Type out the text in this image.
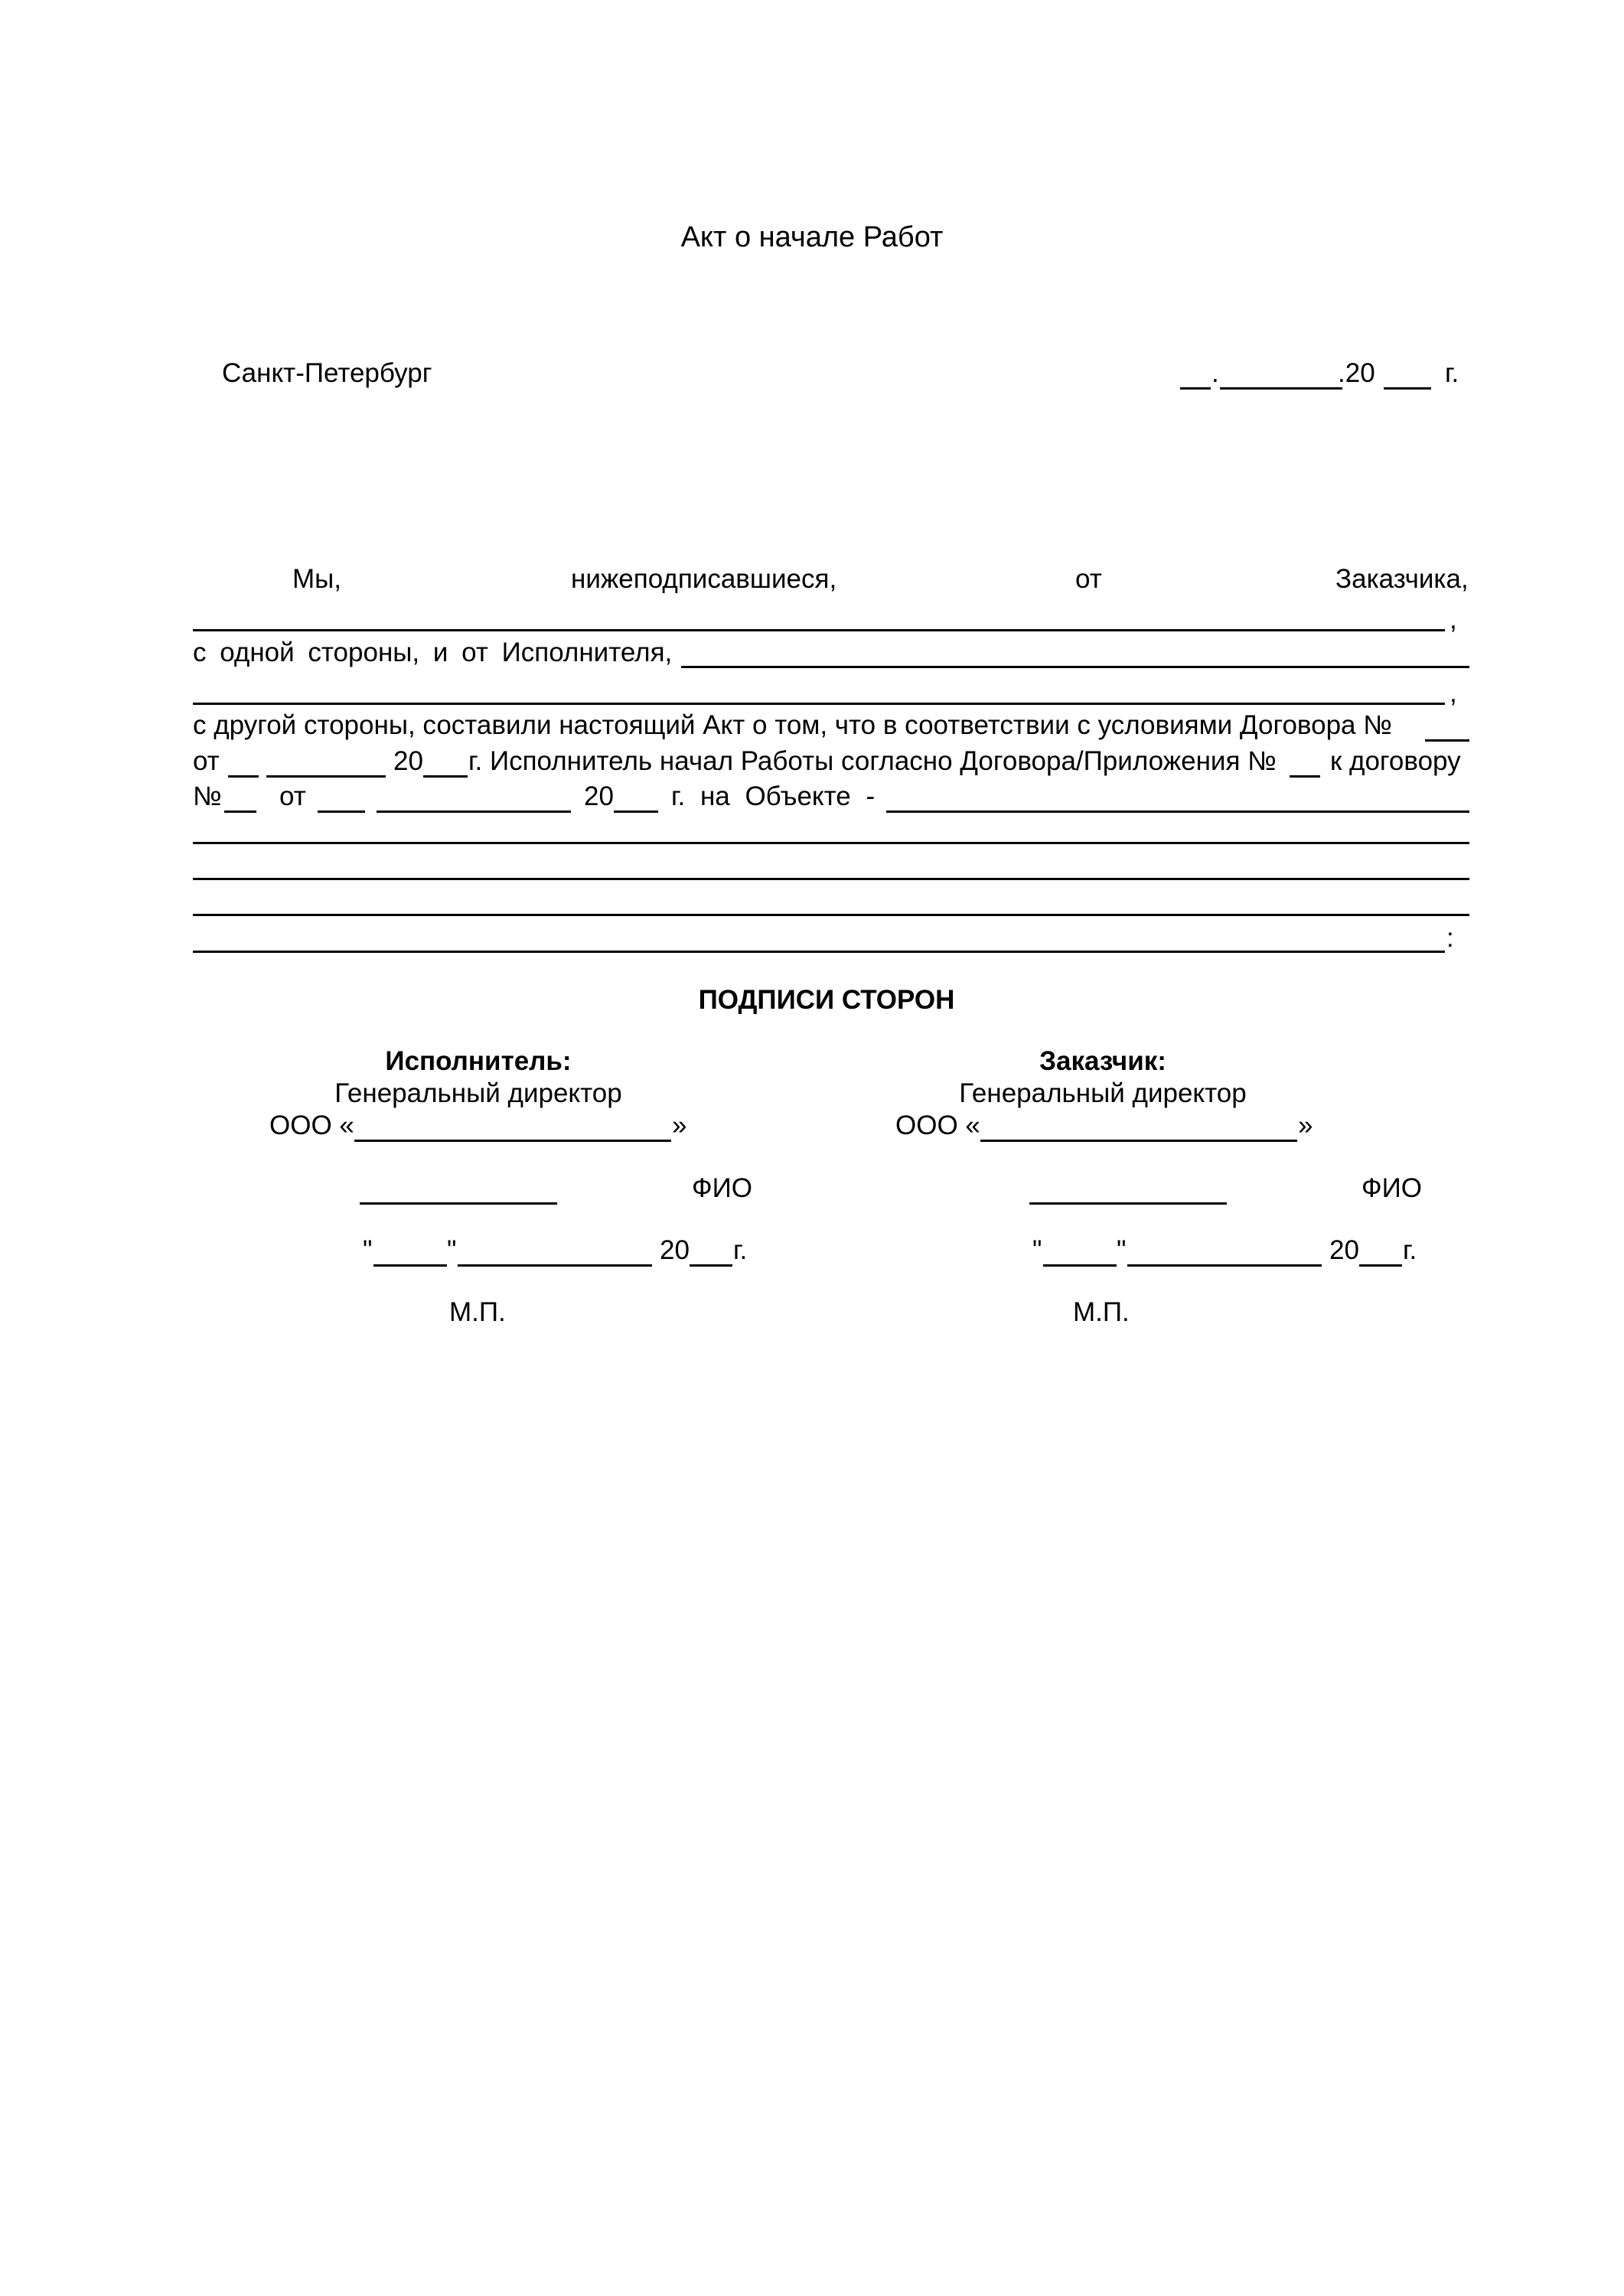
Акт о начале Работ
Санкт-Петербург	.	.20	г.
Мы,	нижеподписавшиеся,	от	Заказчика,
,
с одной стороны, и от Исполнителя,
,
с другой стороны, составили настоящий Акт о том, что в соответствии с условиями Договора №
от	20 г. Исполнитель начал Работы согласно Договора/Приложения № к договору
№ от	20 г. на Объекте -
:
ПОДПИСИ СТОРОН
Исполнитель:
Генеральный директор
ООО «	»
ФИО
"	"	20 г.
М.П.
Заказчик:
Генеральный директор
ООО «	»
ФИО
"	"	20 г.
М.П.
